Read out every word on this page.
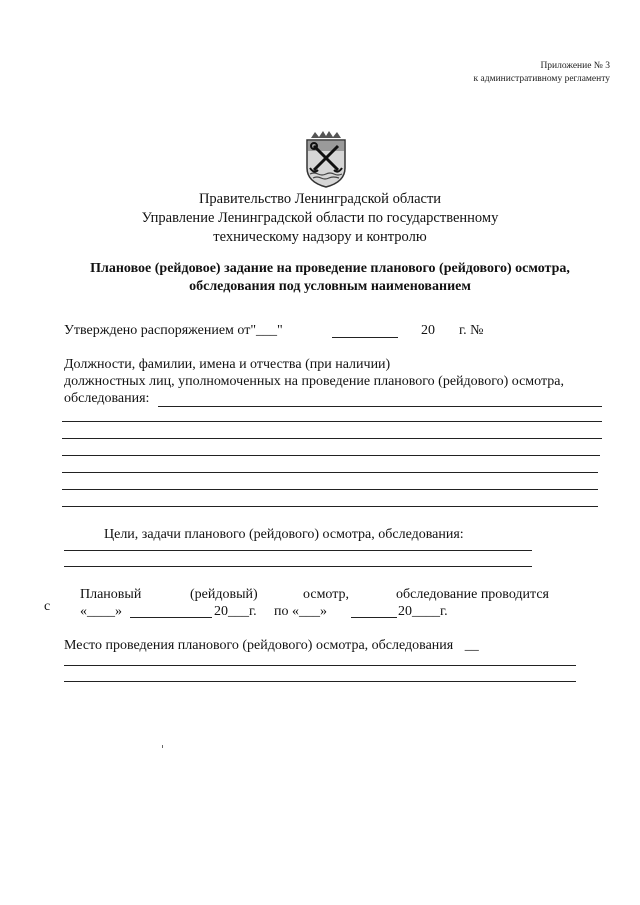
Приложение № 3
к административному регламенту
Правительство Ленинградской области
Управление Ленинградской области по государственному
техническому надзору и контролю
Плановое (рейдовое) задание на проведение планового (рейдового) осмотра,
обследования под условным наименованием
Утверждено распоряжением от"___"	20 г. №
Должности, фамилии, имена и отчества (при наличии)
должностных лиц, уполномоченных на проведение планового (рейдового) осмотра,
обследования:
Цели, задачи планового (рейдового) осмотра, обследования:
Плановый	(рейдовый)	осмотр,	обследование проводится
с «____»	20___г. по «___»	20____г.
Место проведения планового (рейдового) осмотра, обследования __
